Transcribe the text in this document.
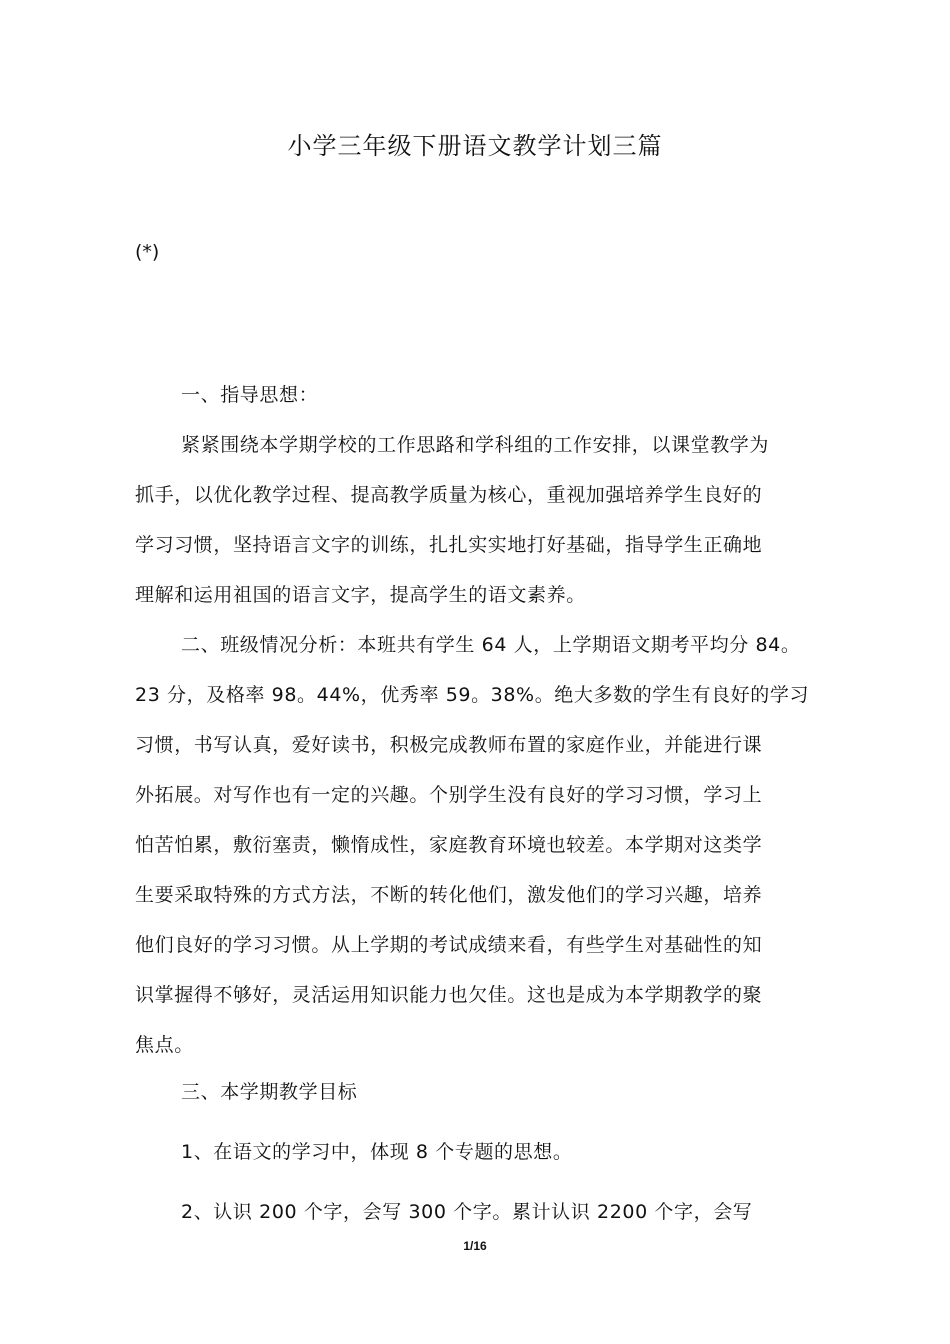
小学三年级下册语文教学计划三篇
(*)

一、指导思想：

紧紧围绕本学期学校的工作思路和学科组的工作安排，以课堂教学为
抓手，以优化教学过程、提高教学质量为核心，重视加强培养学生良好的
学习习惯，坚持语言文字的训练，扎扎实实地打好基础，指导学生正确地
理解和运用祖国的语言文字，提高学生的语文素养。
二、班级情况分析：本班共有学生 64 人，上学期语文期考平均分 84。
23 分，及格率 98。44%，优秀率 59。38%。绝大多数的学生有良好的学习
习惯，书写认真，爱好读书，积极完成教师布置的家庭作业，并能进行课
外拓展。对写作也有一定的兴趣。个别学生没有良好的学习习惯，学习上
怕苦怕累，敷衍塞责，懒惰成性，家庭教育环境也较差。本学期对这类学
生要采取特殊的方式方法，不断的转化他们，激发他们的学习兴趣，培养
他们良好的学习习惯。从上学期的考试成绩来看，有些学生对基础性的知
识掌握得不够好，灵活运用知识能力也欠佳。这也是成为本学期教学的聚
焦点。

三、本学期教学目标

1、在语文的学习中，体现 8 个专题的思想。

2、认识 200 个字，会写 300 个字。累计认识 2200 个字，会写

1/16
